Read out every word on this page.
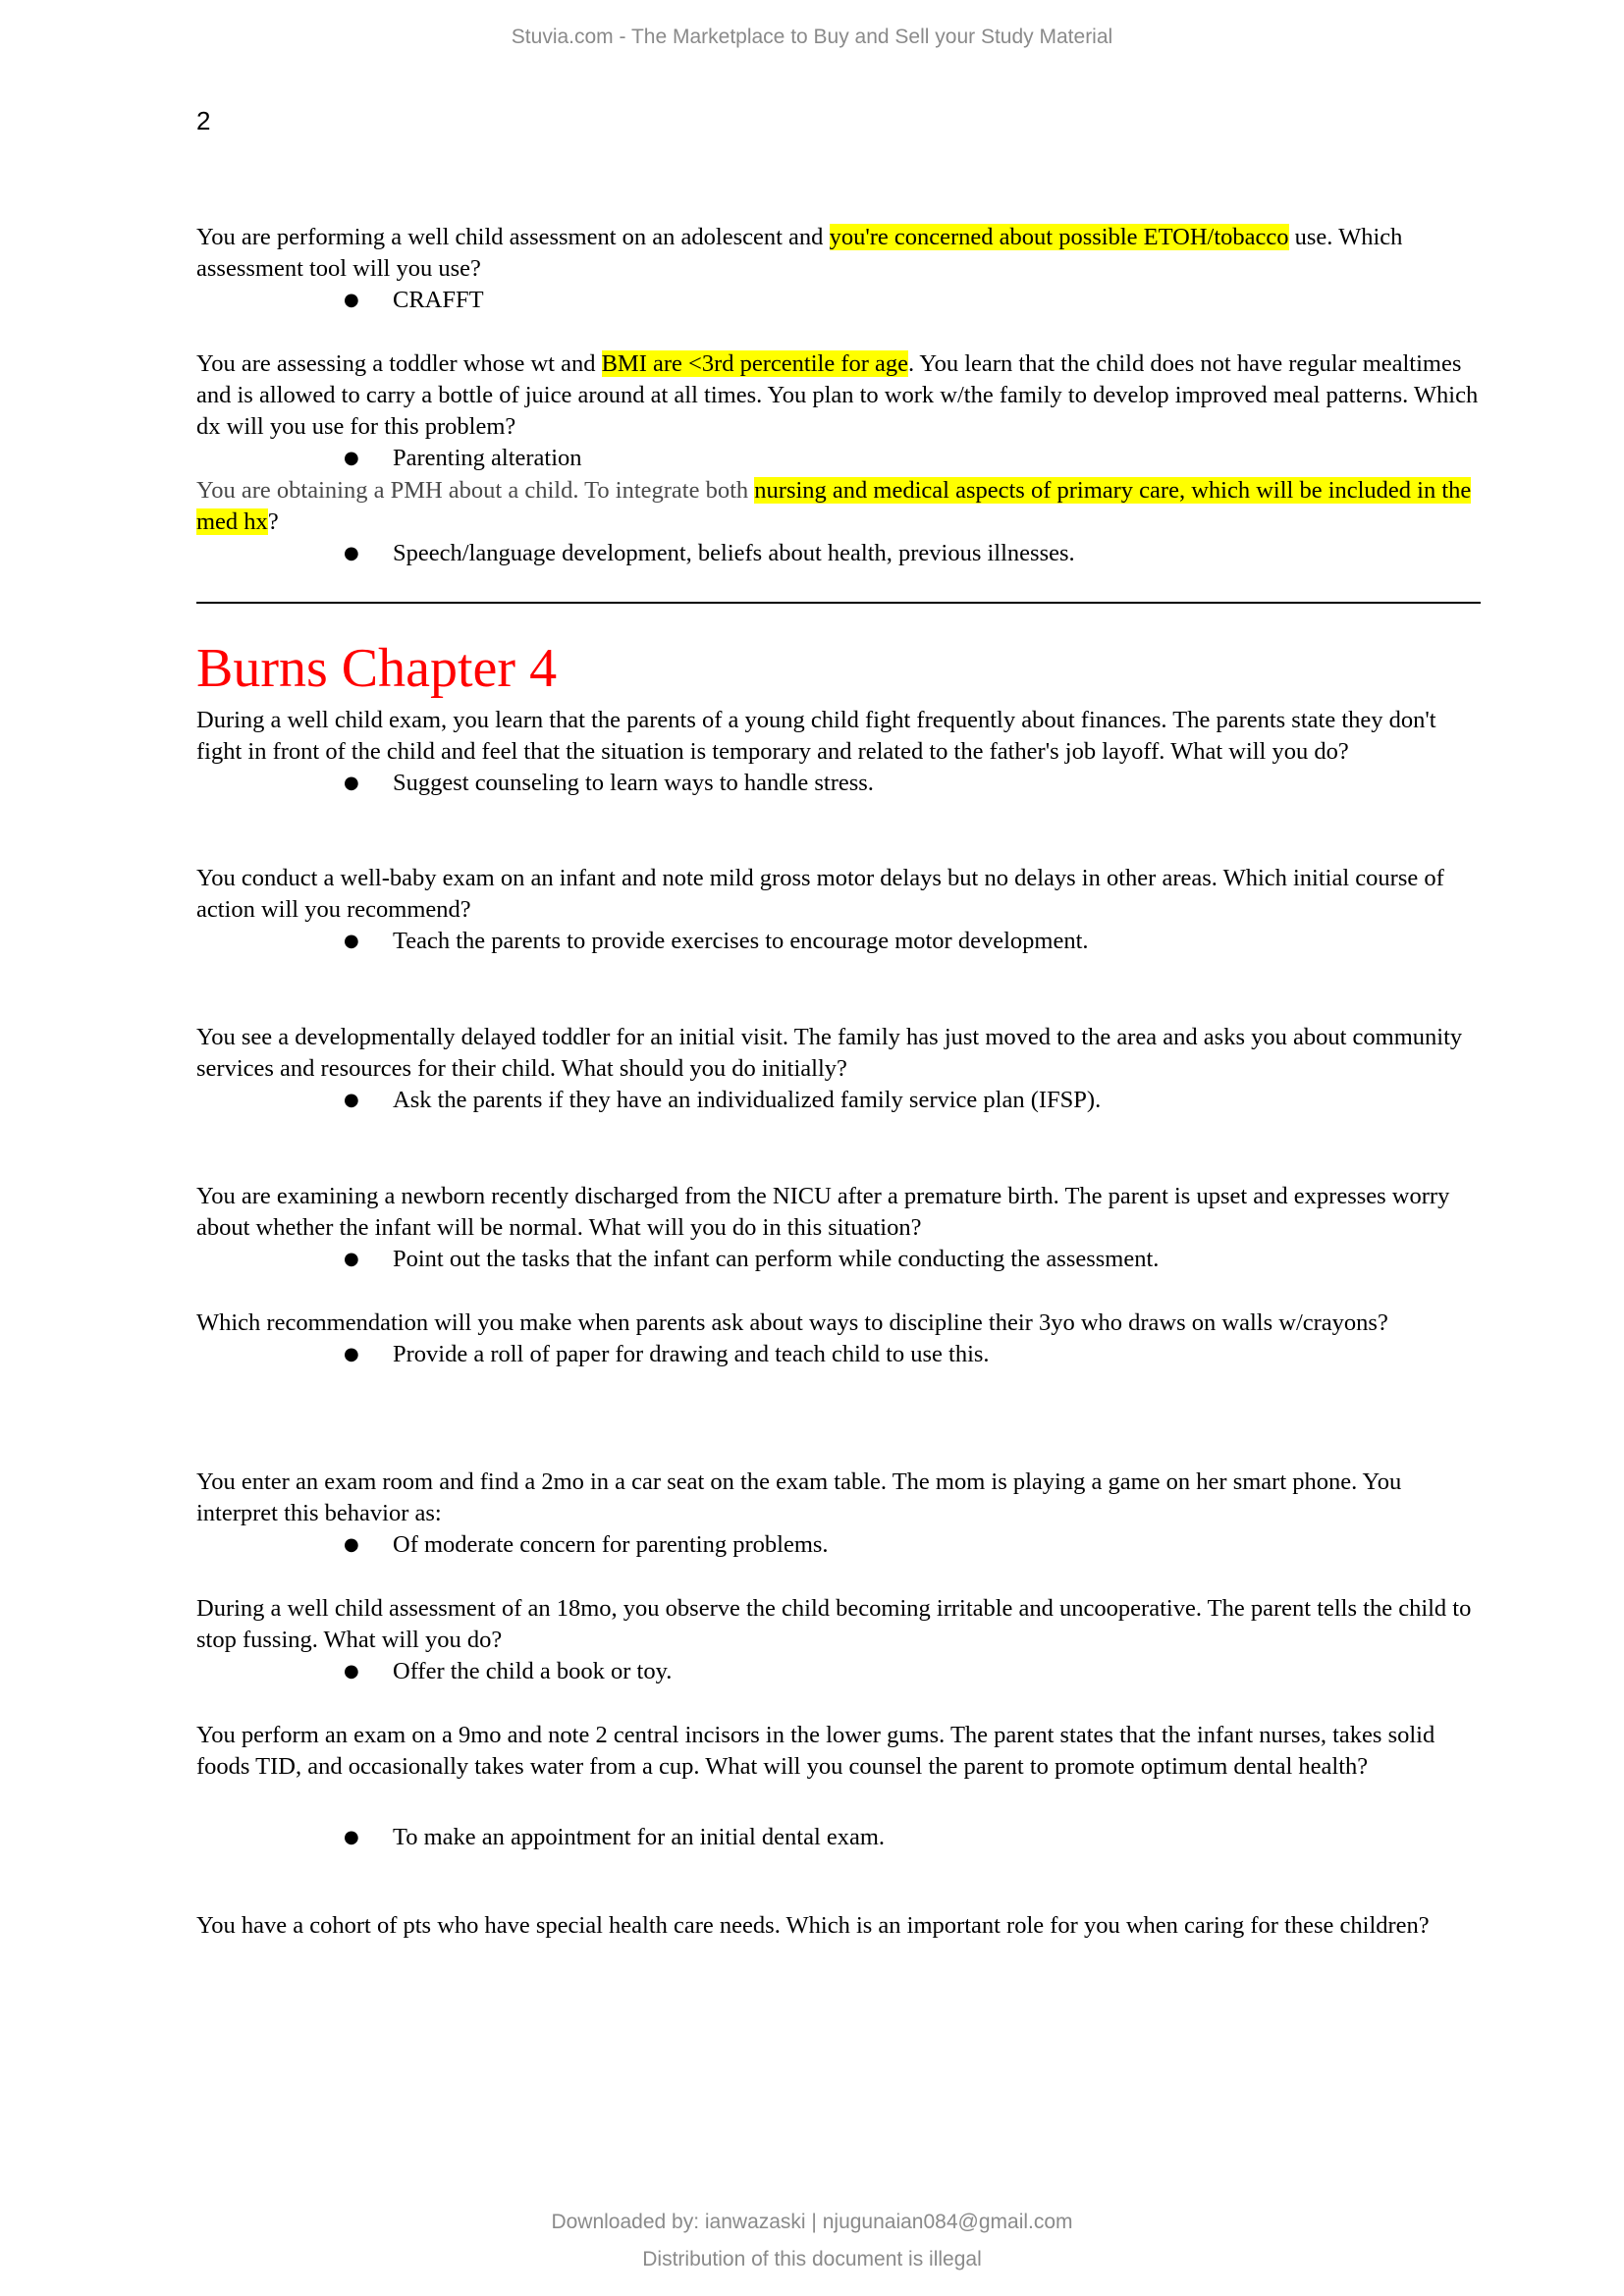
Stuvia.com - The Marketplace to Buy and Sell your Study Material
2

You are performing a well child assessment on an adolescent and you're concerned about possible ETOH/tobacco use. Which assessment tool will you use?

● CRAFFT

You are assessing a toddler whose wt and BMI are <3rd percentile for age. You learn that the child does not have regular mealtimes and is allowed to carry a bottle of juice around at all times. You plan to work w/the family to develop improved meal patterns. Which dx will you use for this problem?

● Parenting alteration

You are obtaining a PMH about a child. To integrate both nursing and medical aspects of primary care, which will be included in the med hx?

● Speech/language development, beliefs about health, previous illnesses.

Burns Chapter 4

During a well child exam, you learn that the parents of a young child fight frequently about finances. The parents state they don't fight in front of the child and feel that the situation is temporary and related to the father's job layoff. What will you do?

● Suggest counseling to learn ways to handle stress.

You conduct a well-baby exam on an infant and note mild gross motor delays but no delays in other areas. Which initial course of action will you recommend?

● Teach the parents to provide exercises to encourage motor development.

You see a developmentally delayed toddler for an initial visit. The family has just moved to the area and asks you about community services and resources for their child. What should you do initially?

● Ask the parents if they have an individualized family service plan (IFSP).

You are examining a newborn recently discharged from the NICU after a premature birth. The parent is upset and expresses worry about whether the infant will be normal. What will you do in this situation?

● Point out the tasks that the infant can perform while conducting the assessment.

Which recommendation will you make when parents ask about ways to discipline their 3yo who draws on walls w/crayons?

● Provide a roll of paper for drawing and teach child to use this.

You enter an exam room and find a 2mo in a car seat on the exam table. The mom is playing a game on her smart phone. You interpret this behavior as:

● Of moderate concern for parenting problems.

During a well child assessment of an 18mo, you observe the child becoming irritable and uncooperative. The parent tells the child to stop fussing. What will you do?

● Offer the child a book or toy.

You perform an exam on a 9mo and note 2 central incisors in the lower gums. The parent states that the infant nurses, takes solid foods TID, and occasionally takes water from a cup. What will you counsel the parent to promote optimum dental health?

● To make an appointment for an initial dental exam.

You have a cohort of pts who have special health care needs. Which is an important role for you when caring for these children?

Downloaded by: ianwazaski | njugunaian084@gmail.com
Distribution of this document is illegal
